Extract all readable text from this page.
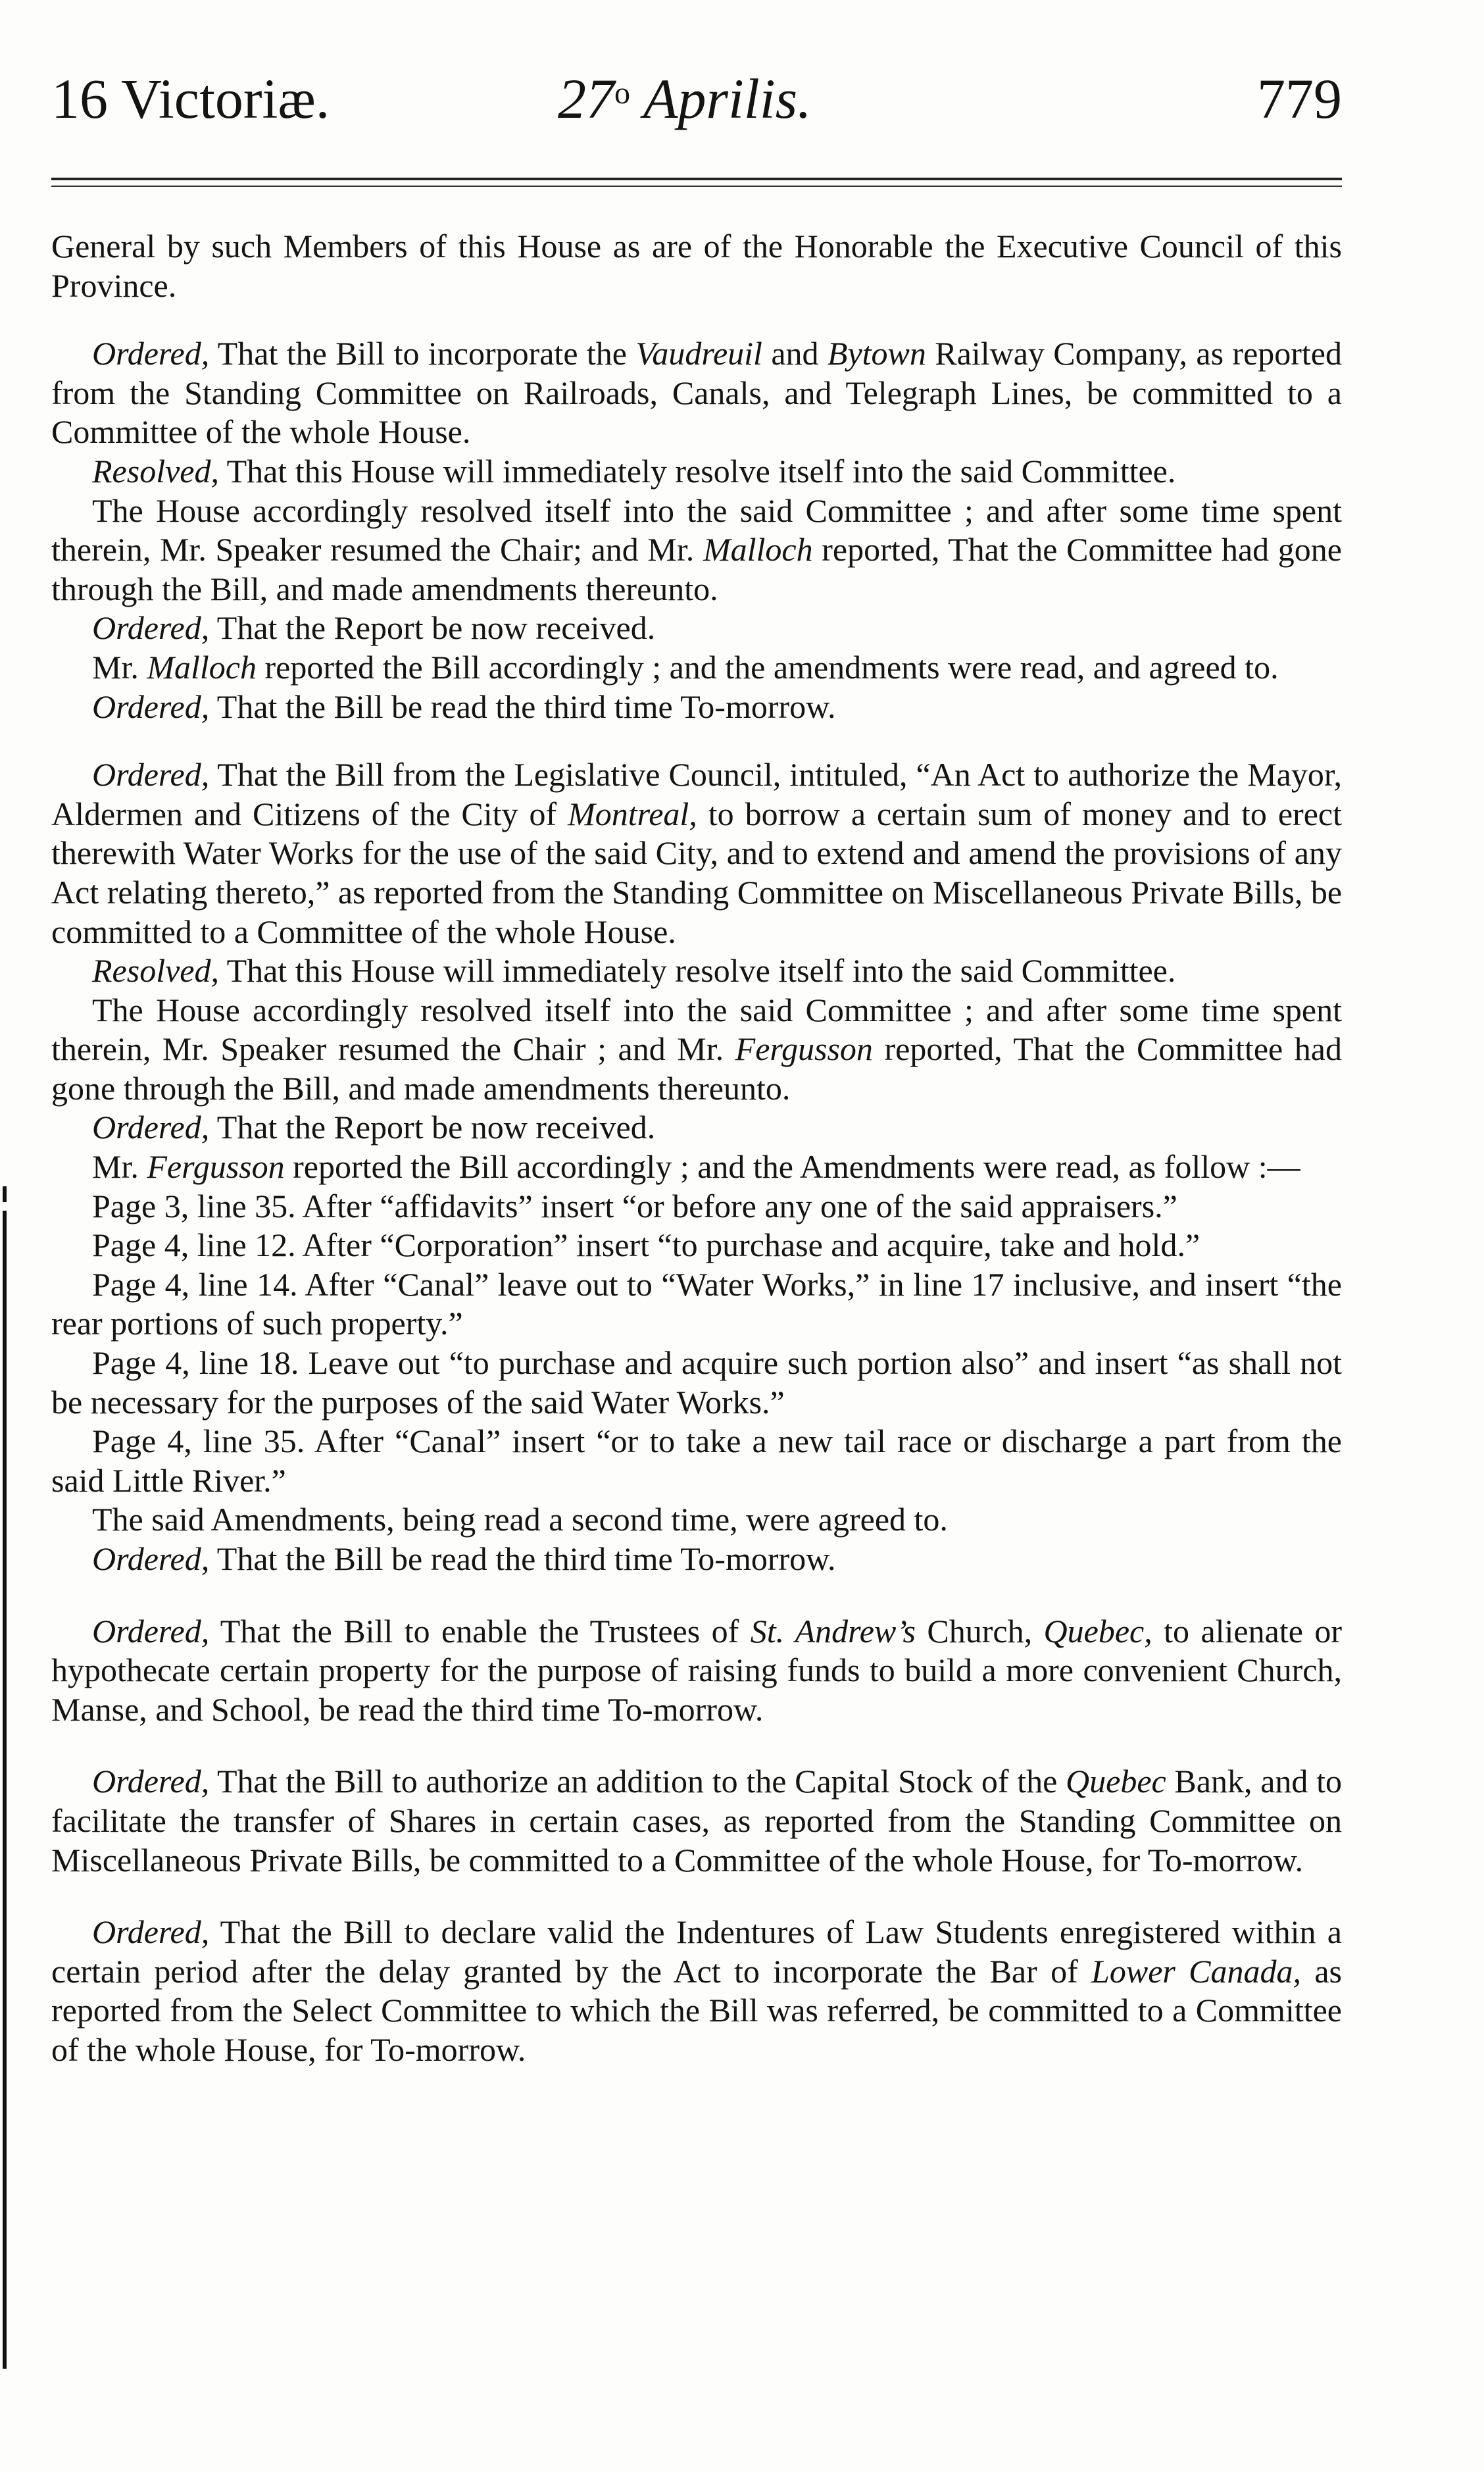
16 Victoriæ.	27$^o$ Aprilis.	779

General by such Members of this House as are of the Honorable the Executive Council of this Province.

Ordered, That the Bill to incorporate the Vaudreuil and Bytown Railway Company, as reported from the Standing Committee on Railroads, Canals, and Telegraph Lines, be committed to a Committee of the whole House.

Resolved, That this House will immediately resolve itself into the said Committee.

The House accordingly resolved itself into the said Committee ; and after some time spent therein, Mr. Speaker resumed the Chair; and Mr. Malloch reported, That the Committee had gone through the Bill, and made amendments thereunto.

Ordered, That the Report be now received.

Mr. Malloch reported the Bill accordingly ; and the amendments were read, and agreed to.

Ordered, That the Bill be read the third time To-morrow.

Ordered, That the Bill from the Legislative Council, intituled, “An Act to authorize the Mayor, Aldermen and Citizens of the City of Montreal, to borrow a certain sum of money and to erect therewith Water Works for the use of the said City, and to extend and amend the provisions of any Act relating thereto,” as reported from the Standing Committee on Miscellaneous Private Bills, be committed to a Committee of the whole House.

Resolved, That this House will immediately resolve itself into the said Committee.

The House accordingly resolved itself into the said Committee ; and after some time spent therein, Mr. Speaker resumed the Chair ; and Mr. Fergusson reported, That the Committee had gone through the Bill, and made amendments thereunto.

Ordered, That the Report be now received.

Mr. Fergusson reported the Bill accordingly ; and the Amendments were read, as follow :—

Page 3, line 35. After “affidavits” insert “or before any one of the said appraisers.”

Page 4, line 12. After “Corporation” insert “to purchase and acquire, take and hold.”

Page 4, line 14. After “Canal” leave out to “Water Works,” in line 17 inclusive, and insert “the rear portions of such property.”

Page 4, line 18. Leave out “to purchase and acquire such portion also” and insert “as shall not be necessary for the purposes of the said Water Works.”

Page 4, line 35. After “Canal” insert “or to take a new tail race or discharge a part from the said Little River.”

The said Amendments, being read a second time, were agreed to.

Ordered, That the Bill be read the third time To-morrow.

Ordered, That the Bill to enable the Trustees of St. Andrew’s Church, Quebec, to alienate or hypothecate certain property for the purpose of raising funds to build a more convenient Church, Manse, and School, be read the third time To-morrow.

Ordered, That the Bill to authorize an addition to the Capital Stock of the Quebec Bank, and to facilitate the transfer of Shares in certain cases, as reported from the Standing Committee on Miscellaneous Private Bills, be committed to a Committee of the whole House, for To-morrow.

Ordered, That the Bill to declare valid the Indentures of Law Students enregistered within a certain period after the delay granted by the Act to incorporate the Bar of Lower Canada, as reported from the Select Committee to which the Bill was referred, be committed to a Committee of the whole House, for To-morrow.
